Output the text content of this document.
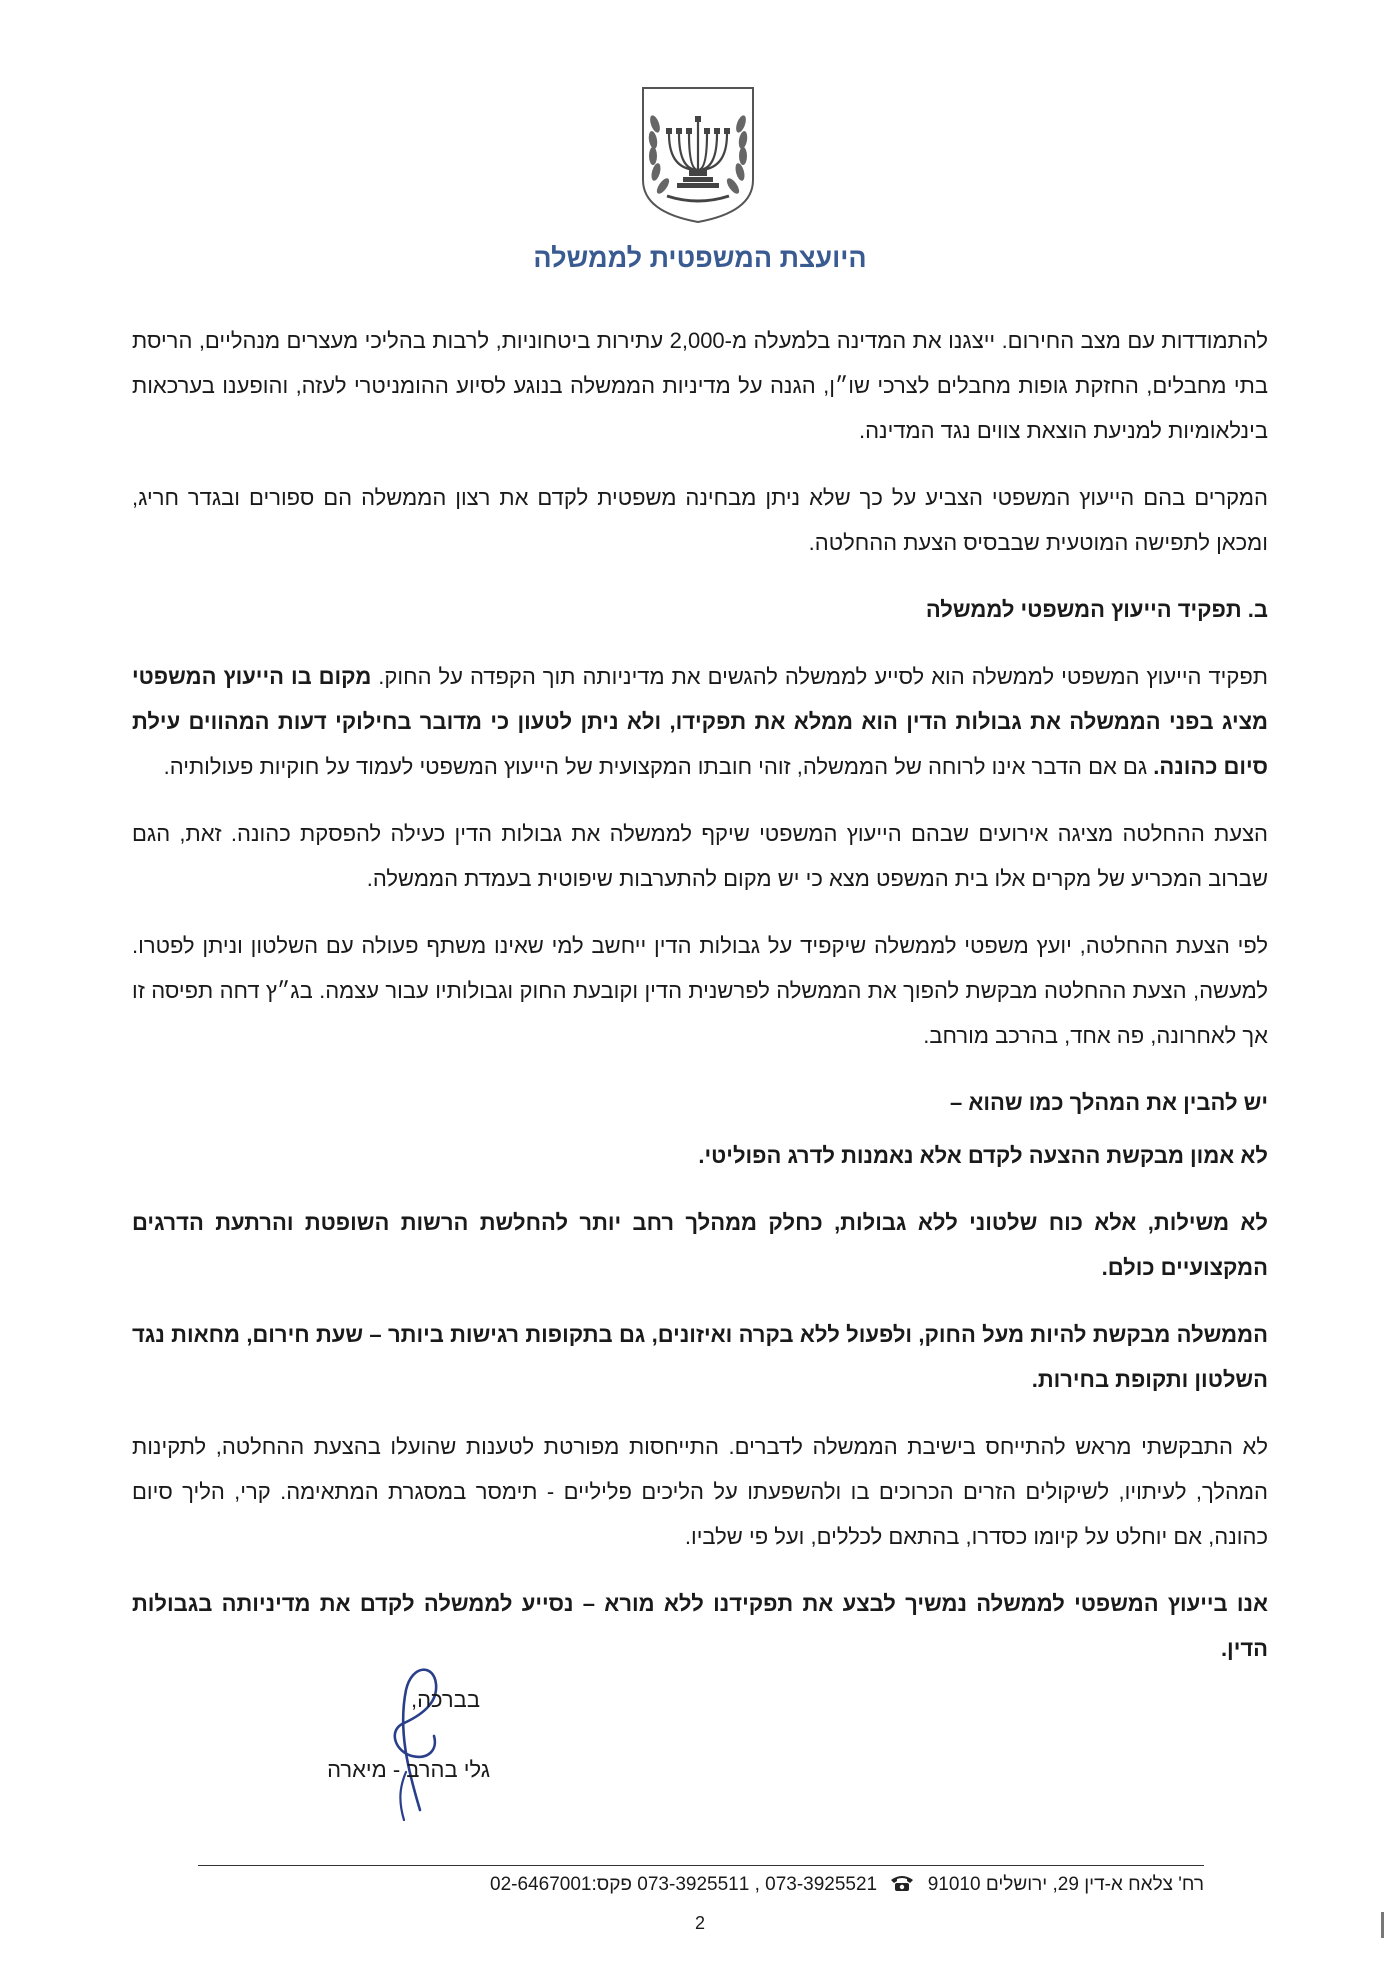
היועצת המשפטית לממשלה

להתמודדות עם מצב החירום. ייצגנו את המדינה בלמעלה מ-2,000 עתירות ביטחוניות, לרבות בהליכי מעצרים מנהליים, הריסת בתי מחבלים, החזקת גופות מחבלים לצרכי שו״ן, הגנה על מדיניות הממשלה בנוגע לסיוע ההומניטרי לעזה, והופענו בערכאות בינלאומיות למניעת הוצאת צווים נגד המדינה.

המקרים בהם הייעוץ המשפטי הצביע על כך שלא ניתן מבחינה משפטית לקדם את רצון הממשלה הם ספורים ובגדר חריג, ומכאן לתפישה המוטעית שבבסיס הצעת ההחלטה.

ב. תפקיד הייעוץ המשפטי לממשלה

תפקיד הייעוץ המשפטי לממשלה הוא לסייע לממשלה להגשים את מדיניותה תוך הקפדה על החוק. מקום בו הייעוץ המשפטי מציג בפני הממשלה את גבולות הדין הוא ממלא את תפקידו, ולא ניתן לטעון כי מדובר בחילוקי דעות המהווים עילת סיום כהונה. גם אם הדבר אינו לרוחה של הממשלה, זוהי חובתו המקצועית של הייעוץ המשפטי לעמוד על חוקיות פעולותיה.

הצעת ההחלטה מציגה אירועים שבהם הייעוץ המשפטי שיקף לממשלה את גבולות הדין כעילה להפסקת כהונה. זאת, הגם שברוב המכריע של מקרים אלו בית המשפט מצא כי יש מקום להתערבות שיפוטית בעמדת הממשלה.

לפי הצעת ההחלטה, יועץ משפטי לממשלה שיקפיד על גבולות הדין ייחשב למי שאינו משתף פעולה עם השלטון וניתן לפטרו. למעשה, הצעת ההחלטה מבקשת להפוך את הממשלה לפרשנית הדין וקובעת החוק וגבולותיו עבור עצמה. בג״ץ דחה תפיסה זו אך לאחרונה, פה אחד, בהרכב מורחב.

יש להבין את המהלך כמו שהוא –

לא אמון מבקשת ההצעה לקדם אלא נאמנות לדרג הפוליטי.

לא משילות, אלא כוח שלטוני ללא גבולות, כחלק ממהלך רחב יותר להחלשת הרשות השופטת והרתעת הדרגים המקצועיים כולם.

הממשלה מבקשת להיות מעל החוק, ולפעול ללא בקרה ואיזונים, גם בתקופות רגישות ביותר – שעת חירום, מחאות נגד השלטון ותקופת בחירות.

לא התבקשתי מראש להתייחס בישיבת הממשלה לדברים. התייחסות מפורטת לטענות שהועלו בהצעת ההחלטה, לתקינות המהלך, לעיתויו, לשיקולים הזרים הכרוכים בו ולהשפעתו על הליכים פליליים - תימסר במסגרת המתאימה. קרי, הליך סיום כהונה, אם יוחלט על קיומו כסדרו, בהתאם לכללים, ועל פי שלביו.

אנו בייעוץ המשפטי לממשלה נמשיך לבצע את תפקידנו ללא מורא – נסייע לממשלה לקדם את מדיניותה בגבולות הדין.

בברכה,
גלי בהרב - מיארה
רח' צלאח א-דין 29, ירושלים 91010  073-3925511 , 073-3925521 פקס:02-6467001
2
